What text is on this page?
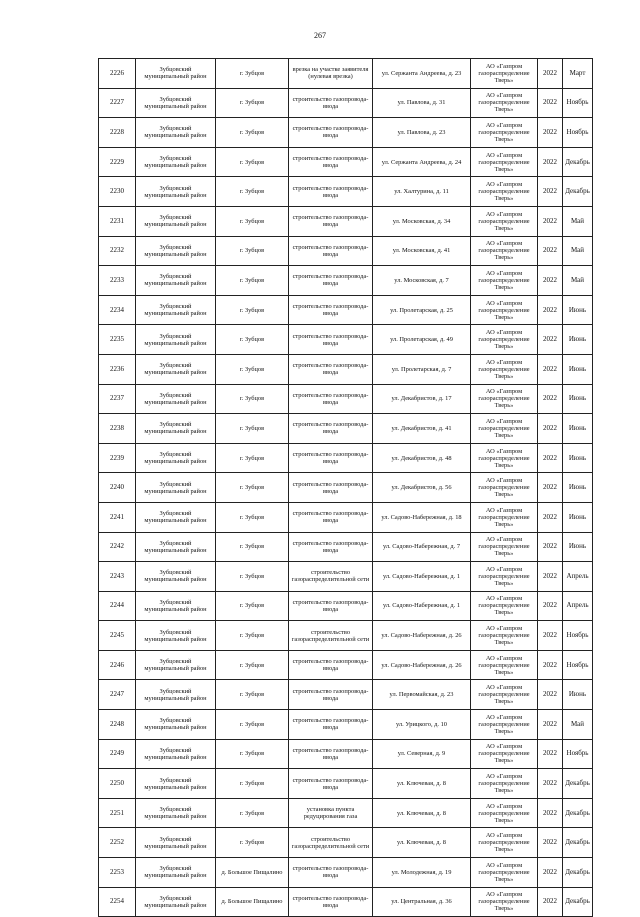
267
2226	Зубцовский муниципальный район	г. Зубцов	врезка на участке заявителя (нулевая врезка)	ул. Сержанта Андреева, д. 23	АО «Газпром газораспределение Тверь»	2022	Март
2227	Зубцовский муниципальный район	г. Зубцов	строительство газопровода-ввода	ул. Павлова, д. 31	АО «Газпром газораспределение Тверь»	2022	Ноябрь
2228	Зубцовский муниципальный район	г. Зубцов	строительство газопровода-ввода	ул. Павлова, д. 23	АО «Газпром газораспределение Тверь»	2022	Ноябрь
2229	Зубцовский муниципальный район	г. Зубцов	строительство газопровода-ввода	ул. Сержанта Андреева, д. 24	АО «Газпром газораспределение Тверь»	2022	Декабрь
2230	Зубцовский муниципальный район	г. Зубцов	строительство газопровода-ввода	ул. Халтурина, д. 11	АО «Газпром газораспределение Тверь»	2022	Декабрь
2231	Зубцовский муниципальный район	г. Зубцов	строительство газопровода-ввода	ул. Московская, д. 34	АО «Газпром газораспределение Тверь»	2022	Май
2232	Зубцовский муниципальный район	г. Зубцов	строительство газопровода-ввода	ул. Московская, д. 41	АО «Газпром газораспределение Тверь»	2022	Май
2233	Зубцовский муниципальный район	г. Зубцов	строительство газопровода-ввода	ул. Московская, д. 7	АО «Газпром газораспределение Тверь»	2022	Май
2234	Зубцовский муниципальный район	г. Зубцов	строительство газопровода-ввода	ул. Пролетарская, д. 25	АО «Газпром газораспределение Тверь»	2022	Июнь
2235	Зубцовский муниципальный район	г. Зубцов	строительство газопровода-ввода	ул. Пролетарская, д. 49	АО «Газпром газораспределение Тверь»	2022	Июнь
2236	Зубцовский муниципальный район	г. Зубцов	строительство газопровода-ввода	ул. Пролетарская, д. 7	АО «Газпром газораспределение Тверь»	2022	Июнь
2237	Зубцовский муниципальный район	г. Зубцов	строительство газопровода-ввода	ул. Декабристов, д. 17	АО «Газпром газораспределение Тверь»	2022	Июнь
2238	Зубцовский муниципальный район	г. Зубцов	строительство газопровода-ввода	ул. Декабристов, д. 41	АО «Газпром газораспределение Тверь»	2022	Июнь
2239	Зубцовский муниципальный район	г. Зубцов	строительство газопровода-ввода	ул. Декабристов, д. 48	АО «Газпром газораспределение Тверь»	2022	Июнь
2240	Зубцовский муниципальный район	г. Зубцов	строительство газопровода-ввода	ул. Декабристов, д. 56	АО «Газпром газораспределение Тверь»	2022	Июнь
2241	Зубцовский муниципальный район	г. Зубцов	строительство газопровода-ввода	ул. Садово-Набережная, д. 18	АО «Газпром газораспределение Тверь»	2022	Июнь
2242	Зубцовский муниципальный район	г. Зубцов	строительство газопровода-ввода	ул. Садово-Набережная, д. 7	АО «Газпром газораспределение Тверь»	2022	Июнь
2243	Зубцовский муниципальный район	г. Зубцов	строительство газораспределительной сети	ул. Садово-Набережная, д. 1	АО «Газпром газораспределение Тверь»	2022	Апрель
2244	Зубцовский муниципальный район	г. Зубцов	строительство газопровода-ввода	ул. Садово-Набережная, д. 1	АО «Газпром газораспределение Тверь»	2022	Апрель
2245	Зубцовский муниципальный район	г. Зубцов	строительство газораспределительной сети	ул. Садово-Набережная, д. 26	АО «Газпром газораспределение Тверь»	2022	Ноябрь
2246	Зубцовский муниципальный район	г. Зубцов	строительство газопровода-ввода	ул. Садово-Набережная, д. 26	АО «Газпром газораспределение Тверь»	2022	Ноябрь
2247	Зубцовский муниципальный район	г. Зубцов	строительство газопровода-ввода	ул. Первомайская, д. 23	АО «Газпром газораспределение Тверь»	2022	Июнь
2248	Зубцовский муниципальный район	г. Зубцов	строительство газопровода-ввода	ул. Урицкого, д. 10	АО «Газпром газораспределение Тверь»	2022	Май
2249	Зубцовский муниципальный район	г. Зубцов	строительство газопровода-ввода	ул. Северная, д. 9	АО «Газпром газораспределение Тверь»	2022	Ноябрь
2250	Зубцовский муниципальный район	г. Зубцов	строительство газопровода-ввода	ул. Ключевая, д. 8	АО «Газпром газораспределение Тверь»	2022	Декабрь
2251	Зубцовский муниципальный район	г. Зубцов	установка пункта редуцирования газа	ул. Ключевая, д. 8	АО «Газпром газораспределение Тверь»	2022	Декабрь
2252	Зубцовский муниципальный район	г. Зубцов	строительство газораспределительной сети	ул. Ключевая, д. 8	АО «Газпром газораспределение Тверь»	2022	Декабрь
2253	Зубцовский муниципальный район	д. Большое Пищалино	строительство газопровода-ввода	ул. Молодежная, д. 19	АО «Газпром газораспределение Тверь»	2022	Декабрь
2254	Зубцовский муниципальный район	д. Большое Пищалино	строительство газопровода-ввода	ул. Центральная, д. 36	АО «Газпром газораспределение Тверь»	2022	Декабрь
